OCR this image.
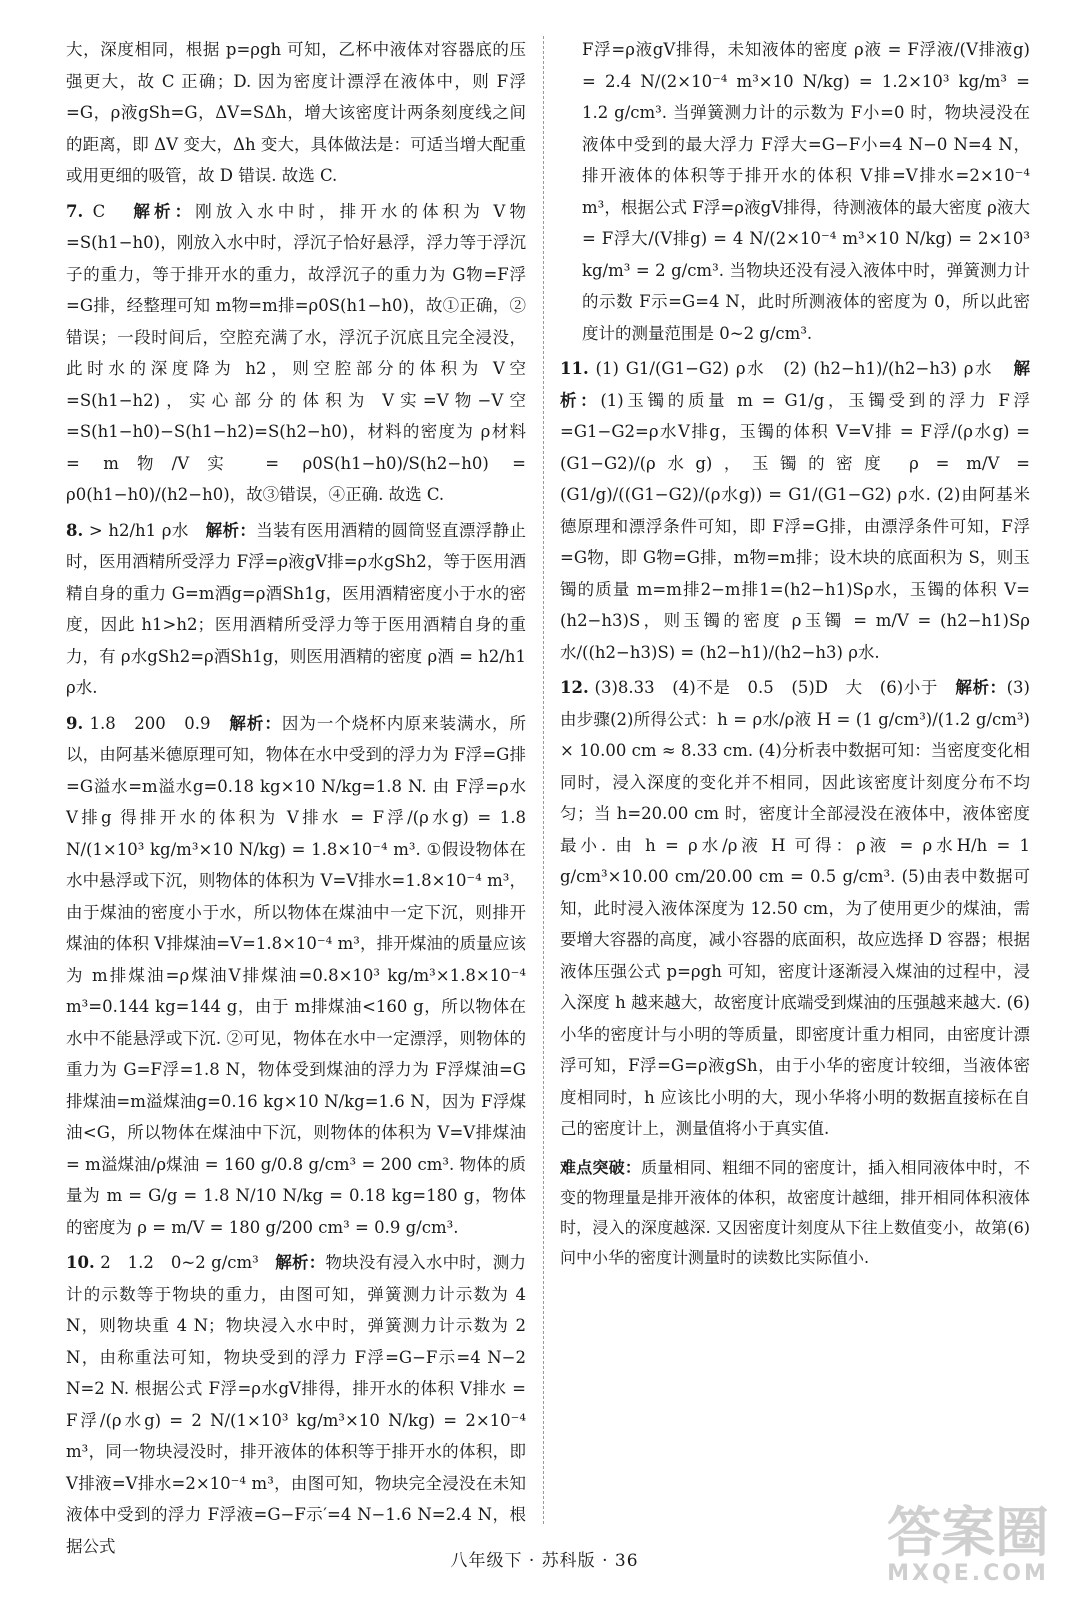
大，深度相同，根据 p=ρgh 可知，乙杯中液体对容器底的压强更大，故 C 正确；D. 因为密度计漂浮在液体中，则 F浮=G，ρ液gSh=G，ΔV=SΔh，增大该密度计两条刻度线之间的距离，即 ΔV 变大，Δh 变大，具体做法是：可适当增大配重或用更细的吸管，故 D 错误. 故选 C.

7. C 解析：刚放入水中时，排开水的体积为 V物=S(h1−h0)，刚放入水中时，浮沉子恰好悬浮，浮力等于浮沉子的重力，等于排开水的重力，故浮沉子的重力为 G物=F浮=G排，经整理可知 m物=m排=ρ0S(h1−h0)，故①正确，②错误；一段时间后，空腔充满了水，浮沉子沉底且完全浸没，此时水的深度降为 h2，则空腔部分的体积为 V空=S(h1−h2)，实心部分的体积为 V实=V物−V空=S(h1−h0)−S(h1−h2)=S(h2−h0)，材料的密度为 ρ材料 = m物/V实 = ρ0S(h1−h0)/S(h2−h0) = ρ0(h1−h0)/(h2−h0)，故③错误，④正确. 故选 C.

8. > h2/h1 ρ水 解析：当装有医用酒精的圆筒竖直漂浮静止时，医用酒精所受浮力 F浮=ρ液gV排=ρ水gSh2，等于医用酒精自身的重力 G=m酒g=ρ酒Sh1g，医用酒精密度小于水的密度，因此 h1>h2；医用酒精所受浮力等于医用酒精自身的重力，有 ρ水gSh2=ρ酒Sh1g，则医用酒精的密度 ρ酒 = h2/h1 ρ水.

9. 1.8　200　0.9 解析：因为一个烧杯内原来装满水，所以，由阿基米德原理可知，物体在水中受到的浮力为 F浮=G排=G溢水=m溢水g=0.18 kg×10 N/kg=1.8 N. 由 F浮=ρ水V排g 得排开水的体积为 V排水 = F浮/(ρ水g) = 1.8 N/(1×10³ kg/m³×10 N/kg) = 1.8×10⁻⁴ m³. ①假设物体在水中悬浮或下沉，则物体的体积为 V=V排水=1.8×10⁻⁴ m³，由于煤油的密度小于水，所以物体在煤油中一定下沉，则排开煤油的体积 V排煤油=V=1.8×10⁻⁴ m³，排开煤油的质量应该为 m排煤油=ρ煤油V排煤油=0.8×10³ kg/m³×1.8×10⁻⁴ m³=0.144 kg=144 g，由于 m排煤油<160 g，所以物体在水中不能悬浮或下沉. ②可见，物体在水中一定漂浮，则物体的重力为 G=F浮=1.8 N，物体受到煤油的浮力为 F浮煤油=G排煤油=m溢煤油g=0.16 kg×10 N/kg=1.6 N，因为 F浮煤油<G，所以物体在煤油中下沉，则物体的体积为 V=V排煤油 = m溢煤油/ρ煤油 = 160 g/0.8 g/cm³ = 200 cm³. 物体的质量为 m = G/g = 1.8 N/10 N/kg = 0.18 kg=180 g，物体的密度为 ρ = m/V = 180 g/200 cm³ = 0.9 g/cm³.

10. 2　1.2　0~2 g/cm³ 解析：物块没有浸入水中时，测力计的示数等于物块的重力，由图可知，弹簧测力计示数为 4 N，则物块重 4 N；物块浸入水中时，弹簧测力计示数为 2 N，由称重法可知，物块受到的浮力 F浮=G−F示=4 N−2 N=2 N. 根据公式 F浮=ρ水gV排得，排开水的体积 V排水 = F浮/(ρ水g) = 2 N/(1×10³ kg/m³×10 N/kg) = 2×10⁻⁴ m³，同一物块浸没时，排开液体的体积等于排开水的体积，即 V排液=V排水=2×10⁻⁴ m³，由图可知，物块完全浸没在未知液体中受到的浮力 F浮液=G−F示′=4 N−1.6 N=2.4 N，根据公式

F浮=ρ液gV排得，未知液体的密度 ρ液 = F浮液/(V排液g) = 2.4 N/(2×10⁻⁴ m³×10 N/kg) = 1.2×10³ kg/m³ = 1.2 g/cm³. 当弹簧测力计的示数为 F小=0 时，物块浸没在液体中受到的最大浮力 F浮大=G−F小=4 N−0 N=4 N，排开液体的体积等于排开水的体积 V排=V排水=2×10⁻⁴ m³，根据公式 F浮=ρ液gV排得，待测液体的最大密度 ρ液大 = F浮大/(V排g) = 4 N/(2×10⁻⁴ m³×10 N/kg) = 2×10³ kg/m³ = 2 g/cm³. 当物块还没有浸入液体中时，弹簧测力计的示数 F示=G=4 N，此时所测液体的密度为 0，所以此密度计的测量范围是 0~2 g/cm³.

11. (1) G1/(G1−G2) ρ水　(2) (h2−h1)/(h2−h3) ρ水 解析：(1)玉镯的质量 m = G1/g，玉镯受到的浮力 F浮=G1−G2=ρ水V排g，玉镯的体积 V=V排 = F浮/(ρ水g) = (G1−G2)/(ρ水g)，玉镯的密度 ρ = m/V = (G1/g)/((G1−G2)/(ρ水g)) = G1/(G1−G2) ρ水. (2)由阿基米德原理和漂浮条件可知，即 F浮=G排，由漂浮条件可知，F浮=G物，即 G物=G排，m物=m排；设木块的底面积为 S，则玉镯的质量 m=m排2−m排1=(h2−h1)Sρ水，玉镯的体积 V=(h2−h3)S，则玉镯的密度 ρ玉镯 = m/V = (h2−h1)Sρ水/((h2−h3)S) = (h2−h1)/(h2−h3) ρ水.

12. (3)8.33　(4)不是　0.5　(5)D　大　(6)小于 解析：(3) 由步骤(2)所得公式：h = ρ水/ρ液 H = (1 g/cm³)/(1.2 g/cm³) × 10.00 cm ≈ 8.33 cm. (4)分析表中数据可知：当密度变化相同时，浸入深度的变化并不相同，因此该密度计刻度分布不均匀；当 h=20.00 cm 时，密度计全部浸没在液体中，液体密度最小. 由 h = ρ水/ρ液 H 可得：ρ液 = ρ水H/h = 1 g/cm³×10.00 cm/20.00 cm = 0.5 g/cm³. (5)由表中数据可知，此时浸入液体深度为 12.50 cm，为了使用更少的煤油，需要增大容器的高度，减小容器的底面积，故应选择 D 容器；根据液体压强公式 p=ρgh 可知，密度计逐渐浸入煤油的过程中，浸入深度 h 越来越大，故密度计底端受到煤油的压强越来越大. (6)小华的密度计与小明的等质量，即密度计重力相同，由密度计漂浮可知，F浮=G=ρ液gSh，由于小华的密度计较细，当液体密度相同时，h 应该比小明的大，现小华将小明的数据直接标在自己的密度计上，测量值将小于真实值.

难点突破：质量相同、粗细不同的密度计，插入相同液体中时，不变的物理量是排开液体的体积，故密度计越细，排开相同体积液体时，浸入的深度越深. 又因密度计刻度从下往上数值变小，故第(6)问中小华的密度计测量时的读数比实际值小.

八年级下 · 苏科版 · 36	答案圈
MXQE.COM
